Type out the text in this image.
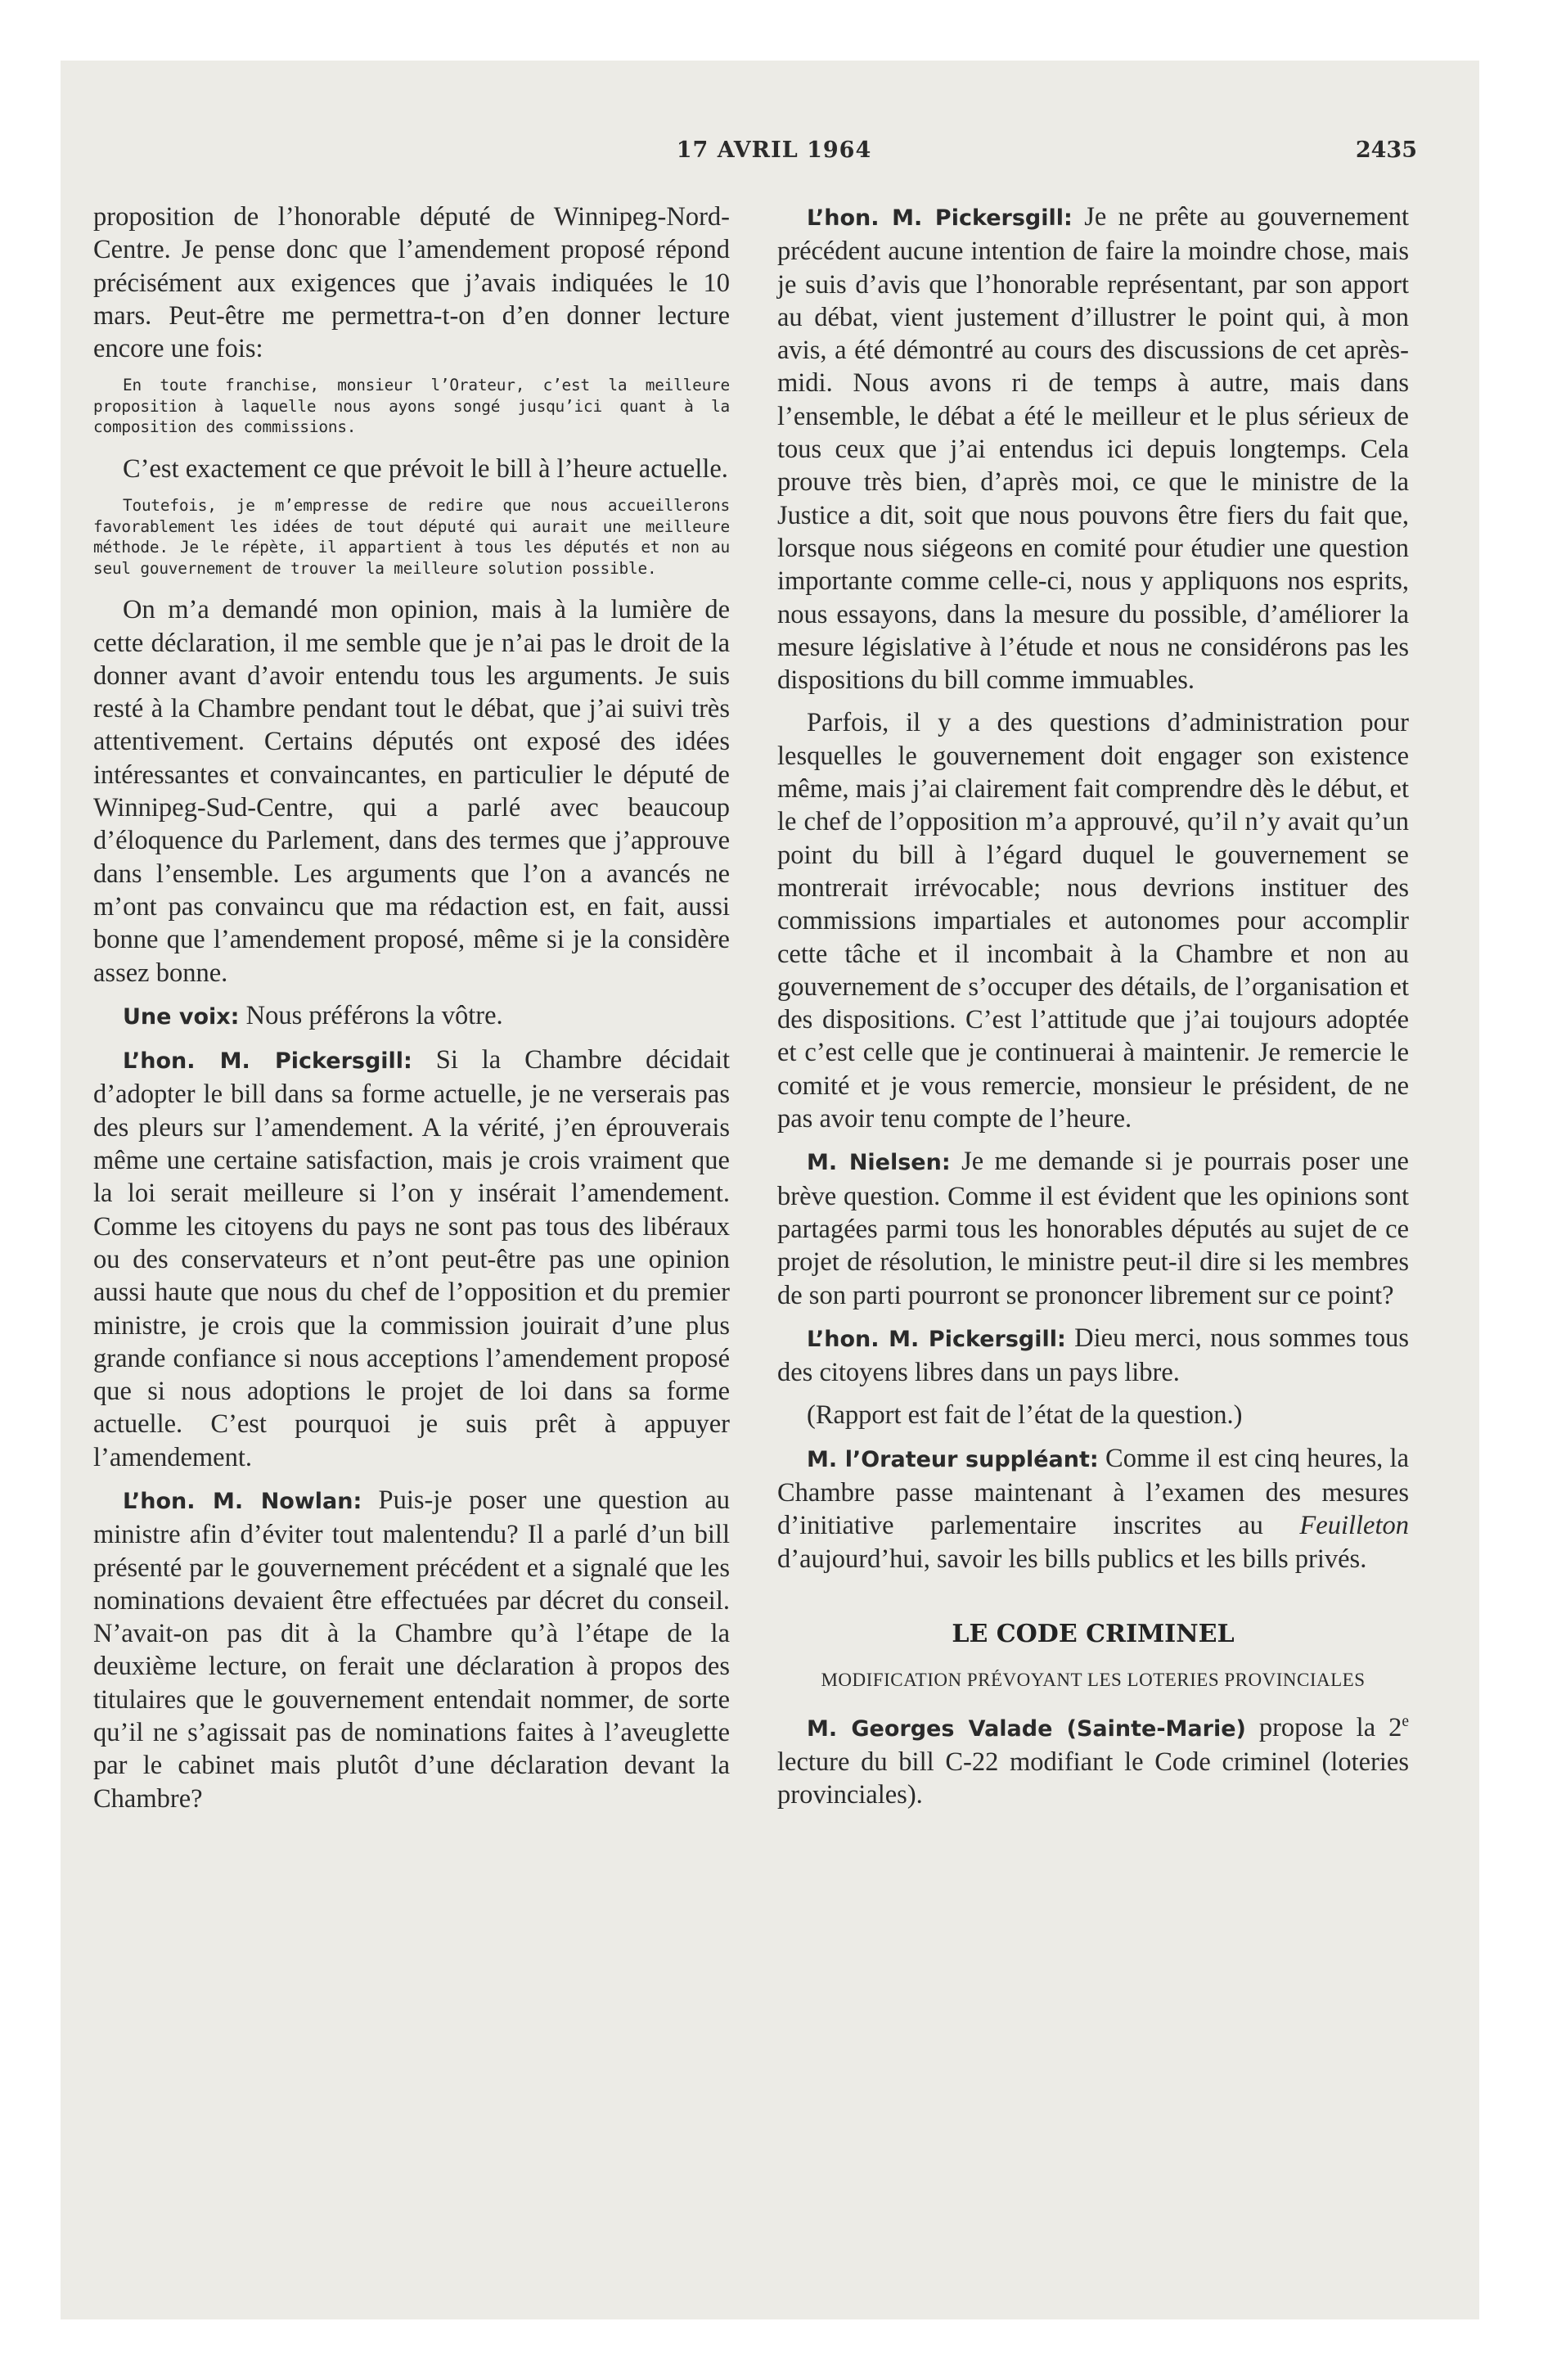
17 AVRIL 1964	2435

proposition de l’honorable député de Winnipeg-Nord-Centre. Je pense donc que l’amendement proposé répond précisément aux exigences que j’avais indiquées le 10 mars. Peut-être me permettra-t-on d’en donner lecture encore une fois:

En toute franchise, monsieur l’Orateur, c’est la meilleure proposition à laquelle nous ayons songé jusqu’ici quant à la composition des commissions.

C’est exactement ce que prévoit le bill à l’heure actuelle.

Toutefois, je m’empresse de redire que nous accueillerons favorablement les idées de tout député qui aurait une meilleure méthode. Je le répète, il appartient à tous les députés et non au seul gouvernement de trouver la meilleure solution possible.

On m’a demandé mon opinion, mais à la lumière de cette déclaration, il me semble que je n’ai pas le droit de la donner avant d’avoir entendu tous les arguments. Je suis resté à la Chambre pendant tout le débat, que j’ai suivi très attentivement. Certains députés ont exposé des idées intéressantes et convaincantes, en particulier le député de Winnipeg-Sud-Centre, qui a parlé avec beaucoup d’éloquence du Parlement, dans des termes que j’approuve dans l’ensemble. Les arguments que l’on a avancés ne m’ont pas convaincu que ma rédaction est, en fait, aussi bonne que l’amendement proposé, même si je la considère assez bonne.

Une voix: Nous préférons la vôtre.

L’hon. M. Pickersgill: Si la Chambre décidait d’adopter le bill dans sa forme actuelle, je ne verserais pas des pleurs sur l’amendement. A la vérité, j’en éprouverais même une certaine satisfaction, mais je crois vraiment que la loi serait meilleure si l’on y insérait l’amendement. Comme les citoyens du pays ne sont pas tous des libéraux ou des conservateurs et n’ont peut-être pas une opinion aussi haute que nous du chef de l’opposition et du premier ministre, je crois que la commission jouirait d’une plus grande confiance si nous acceptions l’amendement proposé que si nous adoptions le projet de loi dans sa forme actuelle. C’est pourquoi je suis prêt à appuyer l’amendement.

L’hon. M. Nowlan: Puis-je poser une question au ministre afin d’éviter tout malentendu? Il a parlé d’un bill présenté par le gouvernement précédent et a signalé que les nominations devaient être effectuées par décret du conseil. N’avait-on pas dit à la Chambre qu’à l’étape de la deuxième lecture, on ferait une déclaration à propos des titulaires que le gouvernement entendait nommer, de sorte qu’il ne s’agissait pas de nominations faites à l’aveuglette par le cabinet mais plutôt d’une déclaration devant la Chambre?

L’hon. M. Pickersgill: Je ne prête au gouvernement précédent aucune intention de faire la moindre chose, mais je suis d’avis que l’honorable représentant, par son apport au débat, vient justement d’illustrer le point qui, à mon avis, a été démontré au cours des discussions de cet après-midi. Nous avons ri de temps à autre, mais dans l’ensemble, le débat a été le meilleur et le plus sérieux de tous ceux que j’ai entendus ici depuis longtemps. Cela prouve très bien, d’après moi, ce que le ministre de la Justice a dit, soit que nous pouvons être fiers du fait que, lorsque nous siégeons en comité pour étudier une question importante comme celle-ci, nous y appliquons nos esprits, nous essayons, dans la mesure du possible, d’améliorer la mesure législative à l’étude et nous ne considérons pas les dispositions du bill comme immuables.

Parfois, il y a des questions d’administration pour lesquelles le gouvernement doit engager son existence même, mais j’ai clairement fait comprendre dès le début, et le chef de l’opposition m’a approuvé, qu’il n’y avait qu’un point du bill à l’égard duquel le gouvernement se montrerait irrévocable; nous devrions instituer des commissions impartiales et autonomes pour accomplir cette tâche et il incombait à la Chambre et non au gouvernement de s’occuper des détails, de l’organisation et des dispositions. C’est l’attitude que j’ai toujours adoptée et c’est celle que je continuerai à maintenir. Je remercie le comité et je vous remercie, monsieur le président, de ne pas avoir tenu compte de l’heure.

M. Nielsen: Je me demande si je pourrais poser une brève question. Comme il est évident que les opinions sont partagées parmi tous les honorables députés au sujet de ce projet de résolution, le ministre peut-il dire si les membres de son parti pourront se prononcer librement sur ce point?

L’hon. M. Pickersgill: Dieu merci, nous sommes tous des citoyens libres dans un pays libre.

(Rapport est fait de l’état de la question.)

M. l’Orateur suppléant: Comme il est cinq heures, la Chambre passe maintenant à l’examen des mesures d’initiative parlementaire inscrites au Feuilleton d’aujourd’hui, savoir les bills publics et les bills privés.

LE CODE CRIMINEL

MODIFICATION PRÉVOYANT LES LOTERIES PROVINCIALES

M. Georges Valade (Sainte-Marie) propose la 2e lecture du bill C-22 modifiant le Code criminel (loteries provinciales).
